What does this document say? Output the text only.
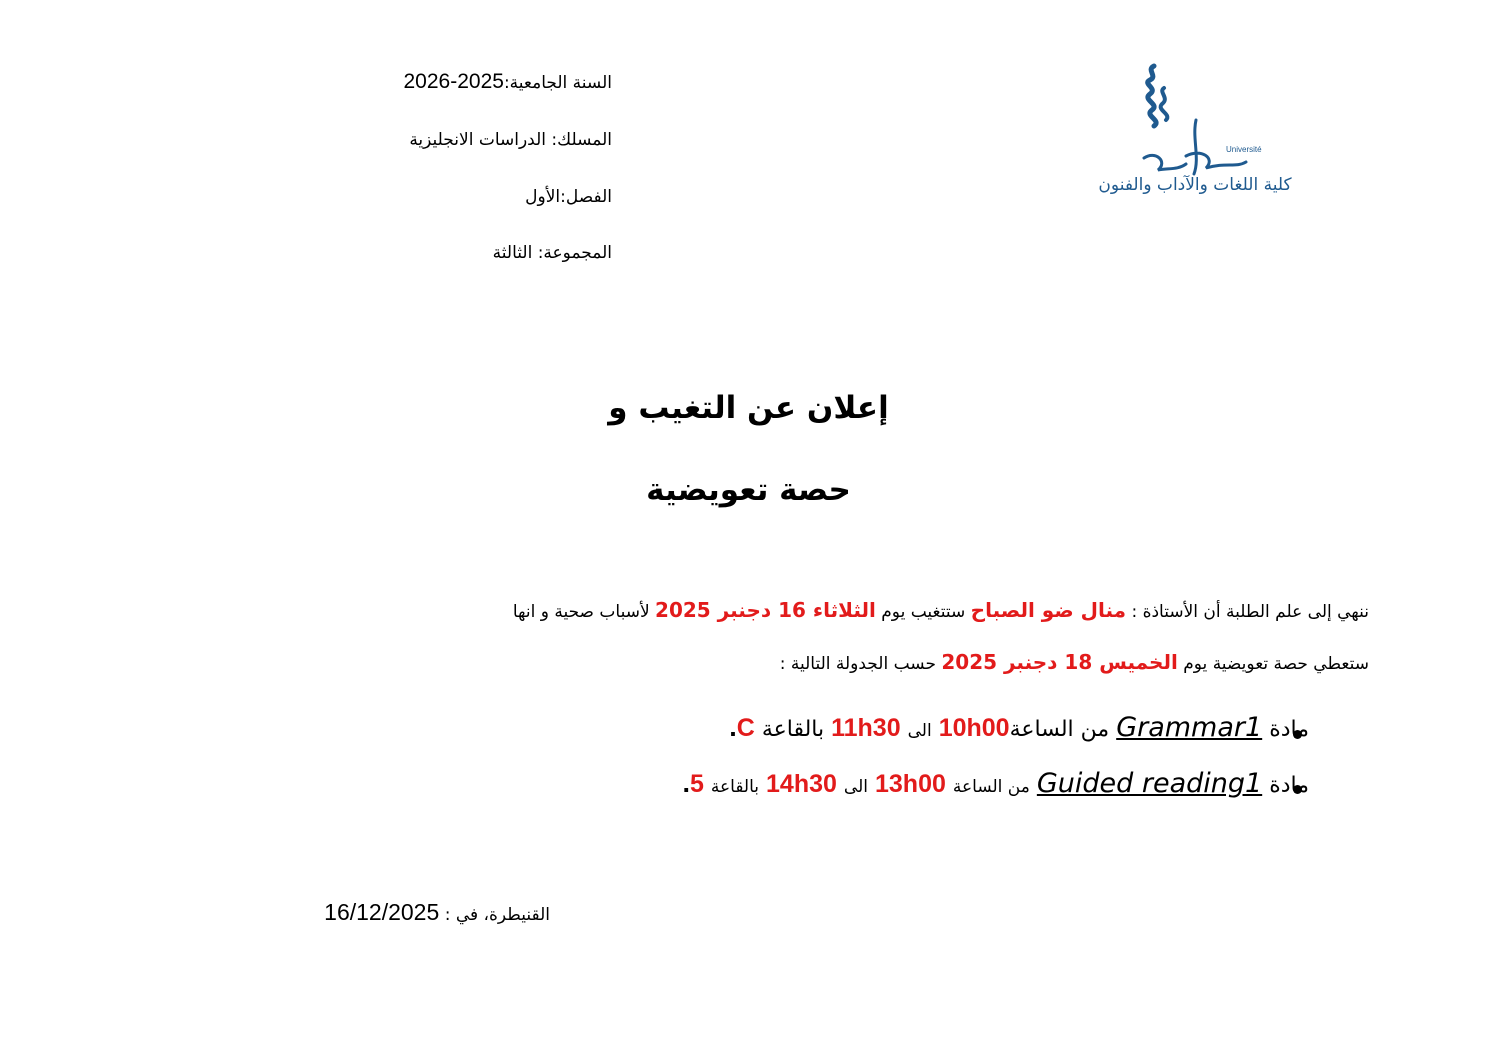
السنة الجامعية:2026-2025
المسلك: الدراسات الانجليزية
الفصل:الأول
المجموعة: الثالثة
Université
كلية اللغات والآداب والفنون
إعلان عن التغيب و
حصة تعويضية
ننهي إلى علم الطلبة أن الأستاذة : منال ضو الصباح ستتغيب يوم الثلاثاء 16 دجنبر 2025 لأسباب صحية و انها
ستعطي حصة تعويضية يوم الخميس 18 دجنبر 2025 حسب الجدولة التالية :
مادة Grammar1 من الساعة10h00 الى 11h30 بالقاعة C.
مادة Guided reading1 من الساعة 13h00 الى 14h30 بالقاعة 5.
القنيطرة، في : 16/12/2025
